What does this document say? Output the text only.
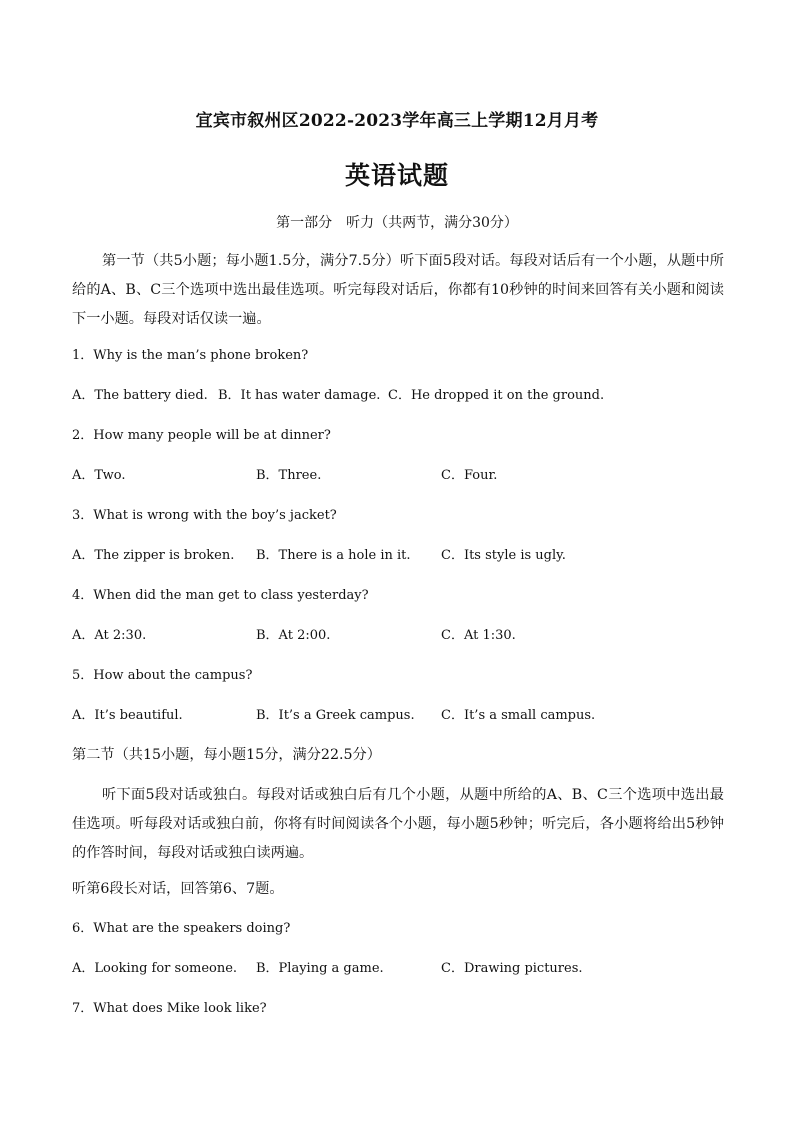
宜宾市叙州区2022-2023学年高三上学期12月月考
英语试题
第一部分　听力（共两节，满分30分）
第一节（共5小题；每小题1.5分，满分7.5分）听下面5段对话。每段对话后有一个小题，从题中所给的A、B、C三个选项中选出最佳选项。听完每段对话后，你都有10秒钟的时间来回答有关小题和阅读下一小题。每段对话仅读一遍。
1．Why is the man’s phone broken?
A．The battery died. B．It has water damage. C．He dropped it on the ground.
2．How many people will be at dinner?
A．Two.	B．Three.	C．Four.
3．What is wrong with the boy’s jacket?
A．The zipper is broken. B．There is a hole in it. C．Its style is ugly.
4．When did the man get to class yesterday?
A．At 2:30.	B．At 2:00.	C．At 1:30.
5．How about the campus?
A．It’s beautiful.	B．It’s a Greek campus. C．It’s a small campus.
第二节（共15小题，每小题15分，满分22.5分）
听下面5段对话或独白。每段对话或独白后有几个小题，从题中所给的A、B、C三个选项中选出最佳选项。听每段对话或独白前，你将有时间阅读各个小题，每小题5秒钟；听完后，各小题将给出5秒钟的作答时间，每段对话或独白读两遍。
听第6段长对话，回答第6、7题。
6．What are the speakers doing?
A．Looking for someone. B．Playing a game.	C．Drawing pictures.
7．What does Mike look like?
